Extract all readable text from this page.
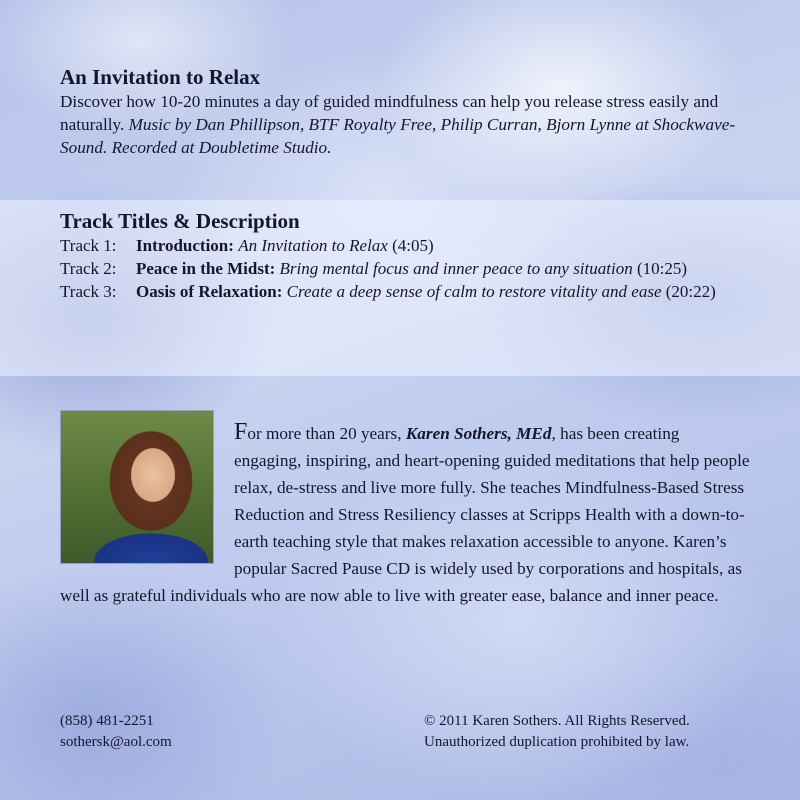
An Invitation to Relax

Discover how 10-20 minutes a day of guided mindfulness can help you release stress easily and naturally. Music by Dan Phillipson, BTF Royalty Free, Philip Curran, Bjorn Lynne at Shockwave-Sound. Recorded at Doubletime Studio.

Track Titles & Description
Track 1:	Introduction: An Invitation to Relax (4:05)
Track 2:	Peace in the Midst: Bring mental focus and inner peace to any situation (10:25)
Track 3:	Oasis of Relaxation: Create a deep sense of calm to restore vitality and ease (20:22)
For more than 20 years, Karen Sothers, MEd, has been creating engaging, inspiring, and heart-opening guided meditations that help people relax, de-stress and live more fully. She teaches Mindfulness-Based Stress Reduction and Stress Resiliency classes at Scripps Health with a down-to-earth teaching style that makes relaxation accessible to anyone. Karen’s popular Sacred Pause CD is widely used by corporations and hospitals, as well as grateful individuals who are now able to live with greater ease, balance and inner peace.
(858) 481-2251
sothersk@aol.com
© 2011 Karen Sothers. All Rights Reserved.
Unauthorized duplication prohibited by law.
